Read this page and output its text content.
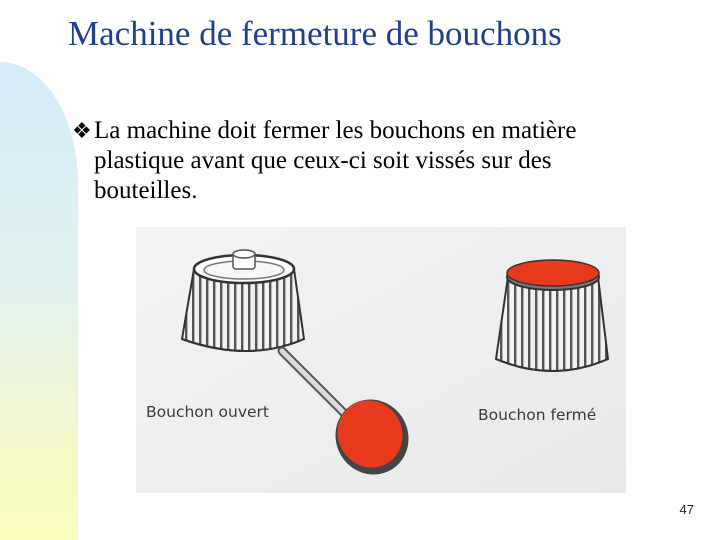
Machine de fermeture de bouchons
❖ La machine doit fermer les bouchons en matière
plastique avant que ceux-ci soit vissés sur des
bouteilles.
Bouchon ouvert	Bouchon fermé
47
